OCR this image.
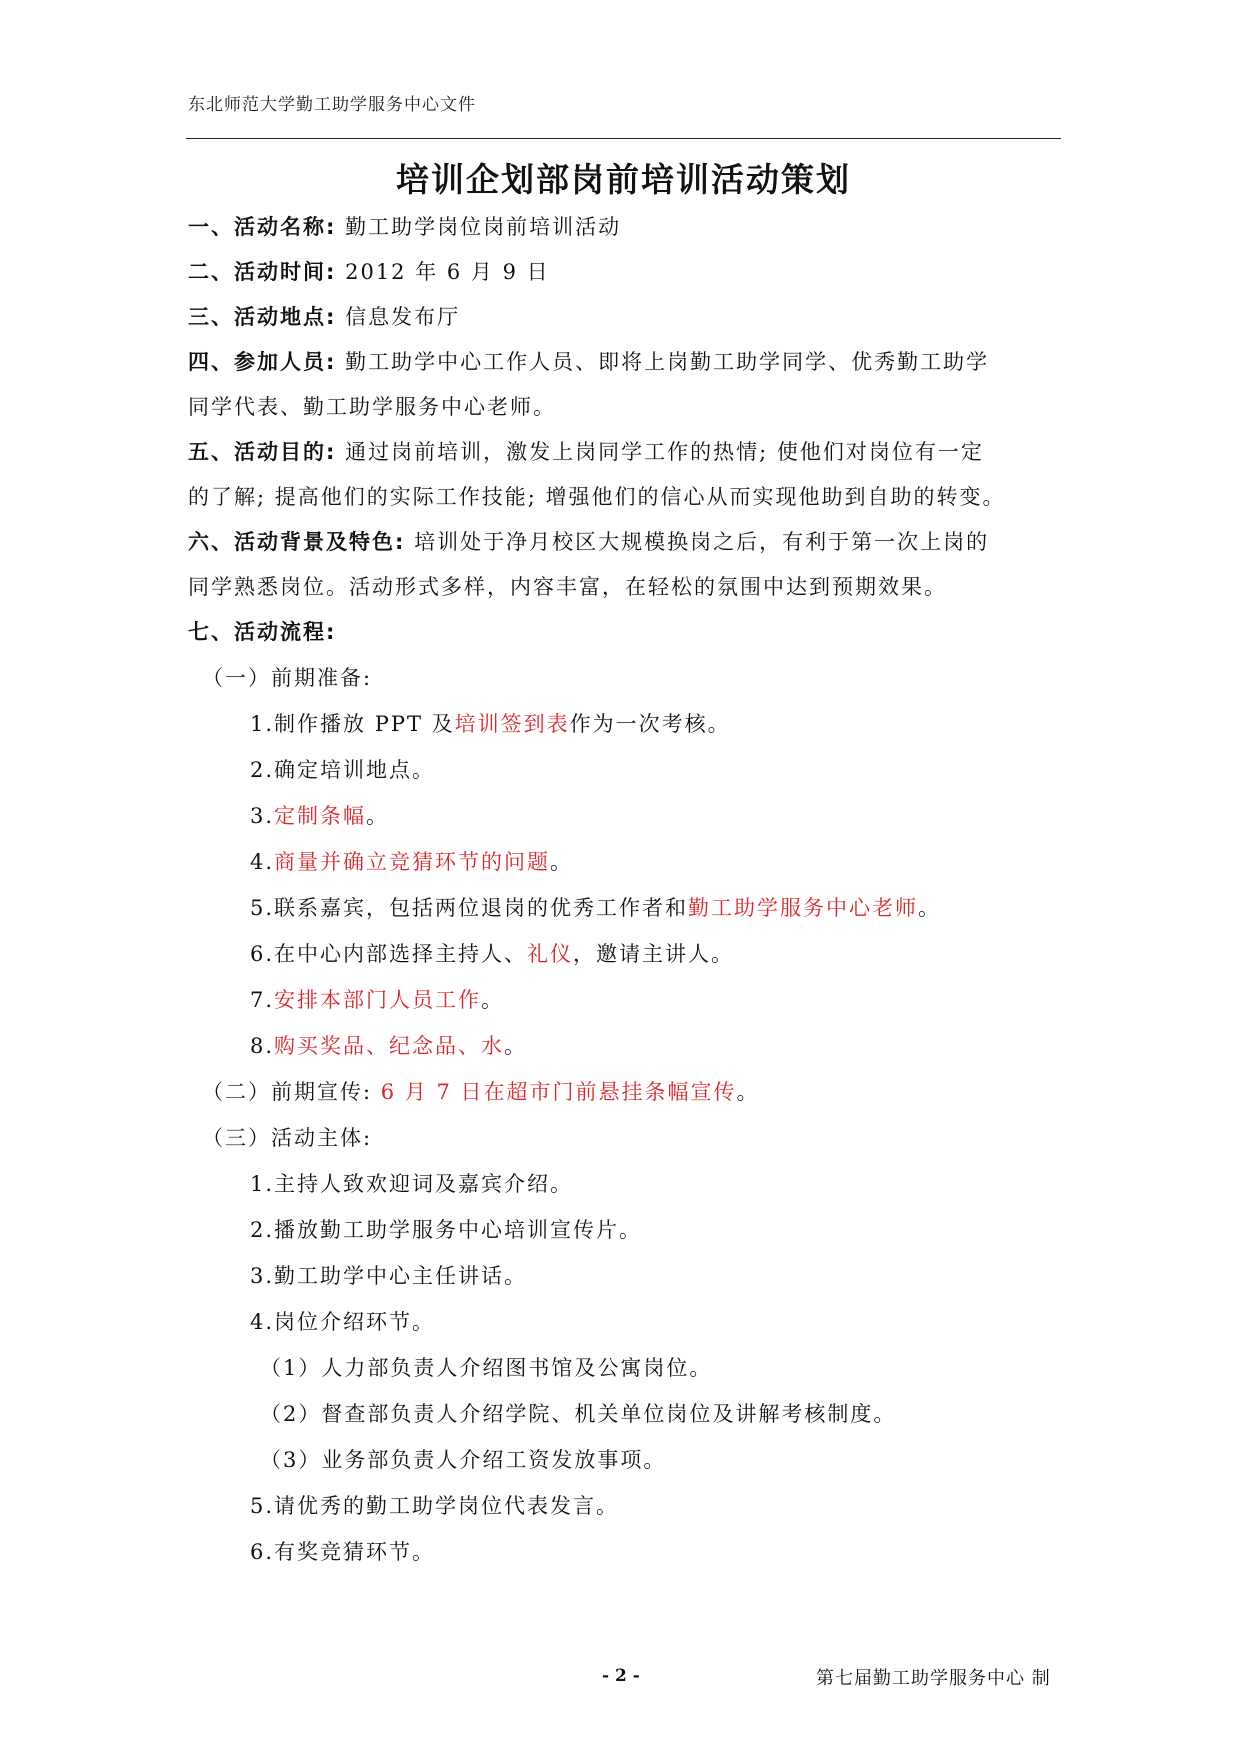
东北师范大学勤工助学服务中心文件
培训企划部岗前培训活动策划

一、活动名称: 勤工助学岗位岗前培训活动

二、活动时间: 2012 年 6 月 9 日

三、活动地点: 信息发布厅

四、参加人员: 勤工助学中心工作人员、即将上岗勤工助学同学、优秀勤工助学
同学代表、勤工助学服务中心老师。

五、活动目的: 通过岗前培训，激发上岗同学工作的热情; 使他们对岗位有一定
的了解; 提高他们的实际工作技能; 增强他们的信心从而实现他助到自助的转变。

六、活动背景及特色: 培训处于净月校区大规模换岗之后，有利于第一次上岗的
同学熟悉岗位。活动形式多样，内容丰富，在轻松的氛围中达到预期效果。

七、活动流程:

（一）前期准备:

1.制作播放 PPT 及培训签到表作为一次考核。

2.确定培训地点。

3.定制条幅。

4.商量并确立竞猜环节的问题。

5.联系嘉宾，包括两位退岗的优秀工作者和勤工助学服务中心老师。

6.在中心内部选择主持人、礼仪，邀请主讲人。

7.安排本部门人员工作。

8.购买奖品、纪念品、水。

（二）前期宣传: 6 月 7 日在超市门前悬挂条幅宣传。

（三）活动主体:

1.主持人致欢迎词及嘉宾介绍。

2.播放勤工助学服务中心培训宣传片。

3.勤工助学中心主任讲话。

4.岗位介绍环节。

（1）人力部负责人介绍图书馆及公寓岗位。

（2）督查部负责人介绍学院、机关单位岗位及讲解考核制度。

（3）业务部负责人介绍工资发放事项。

5.请优秀的勤工助学岗位代表发言。

6.有奖竞猜环节。

- 2 -	第七届勤工助学服务中心 制
